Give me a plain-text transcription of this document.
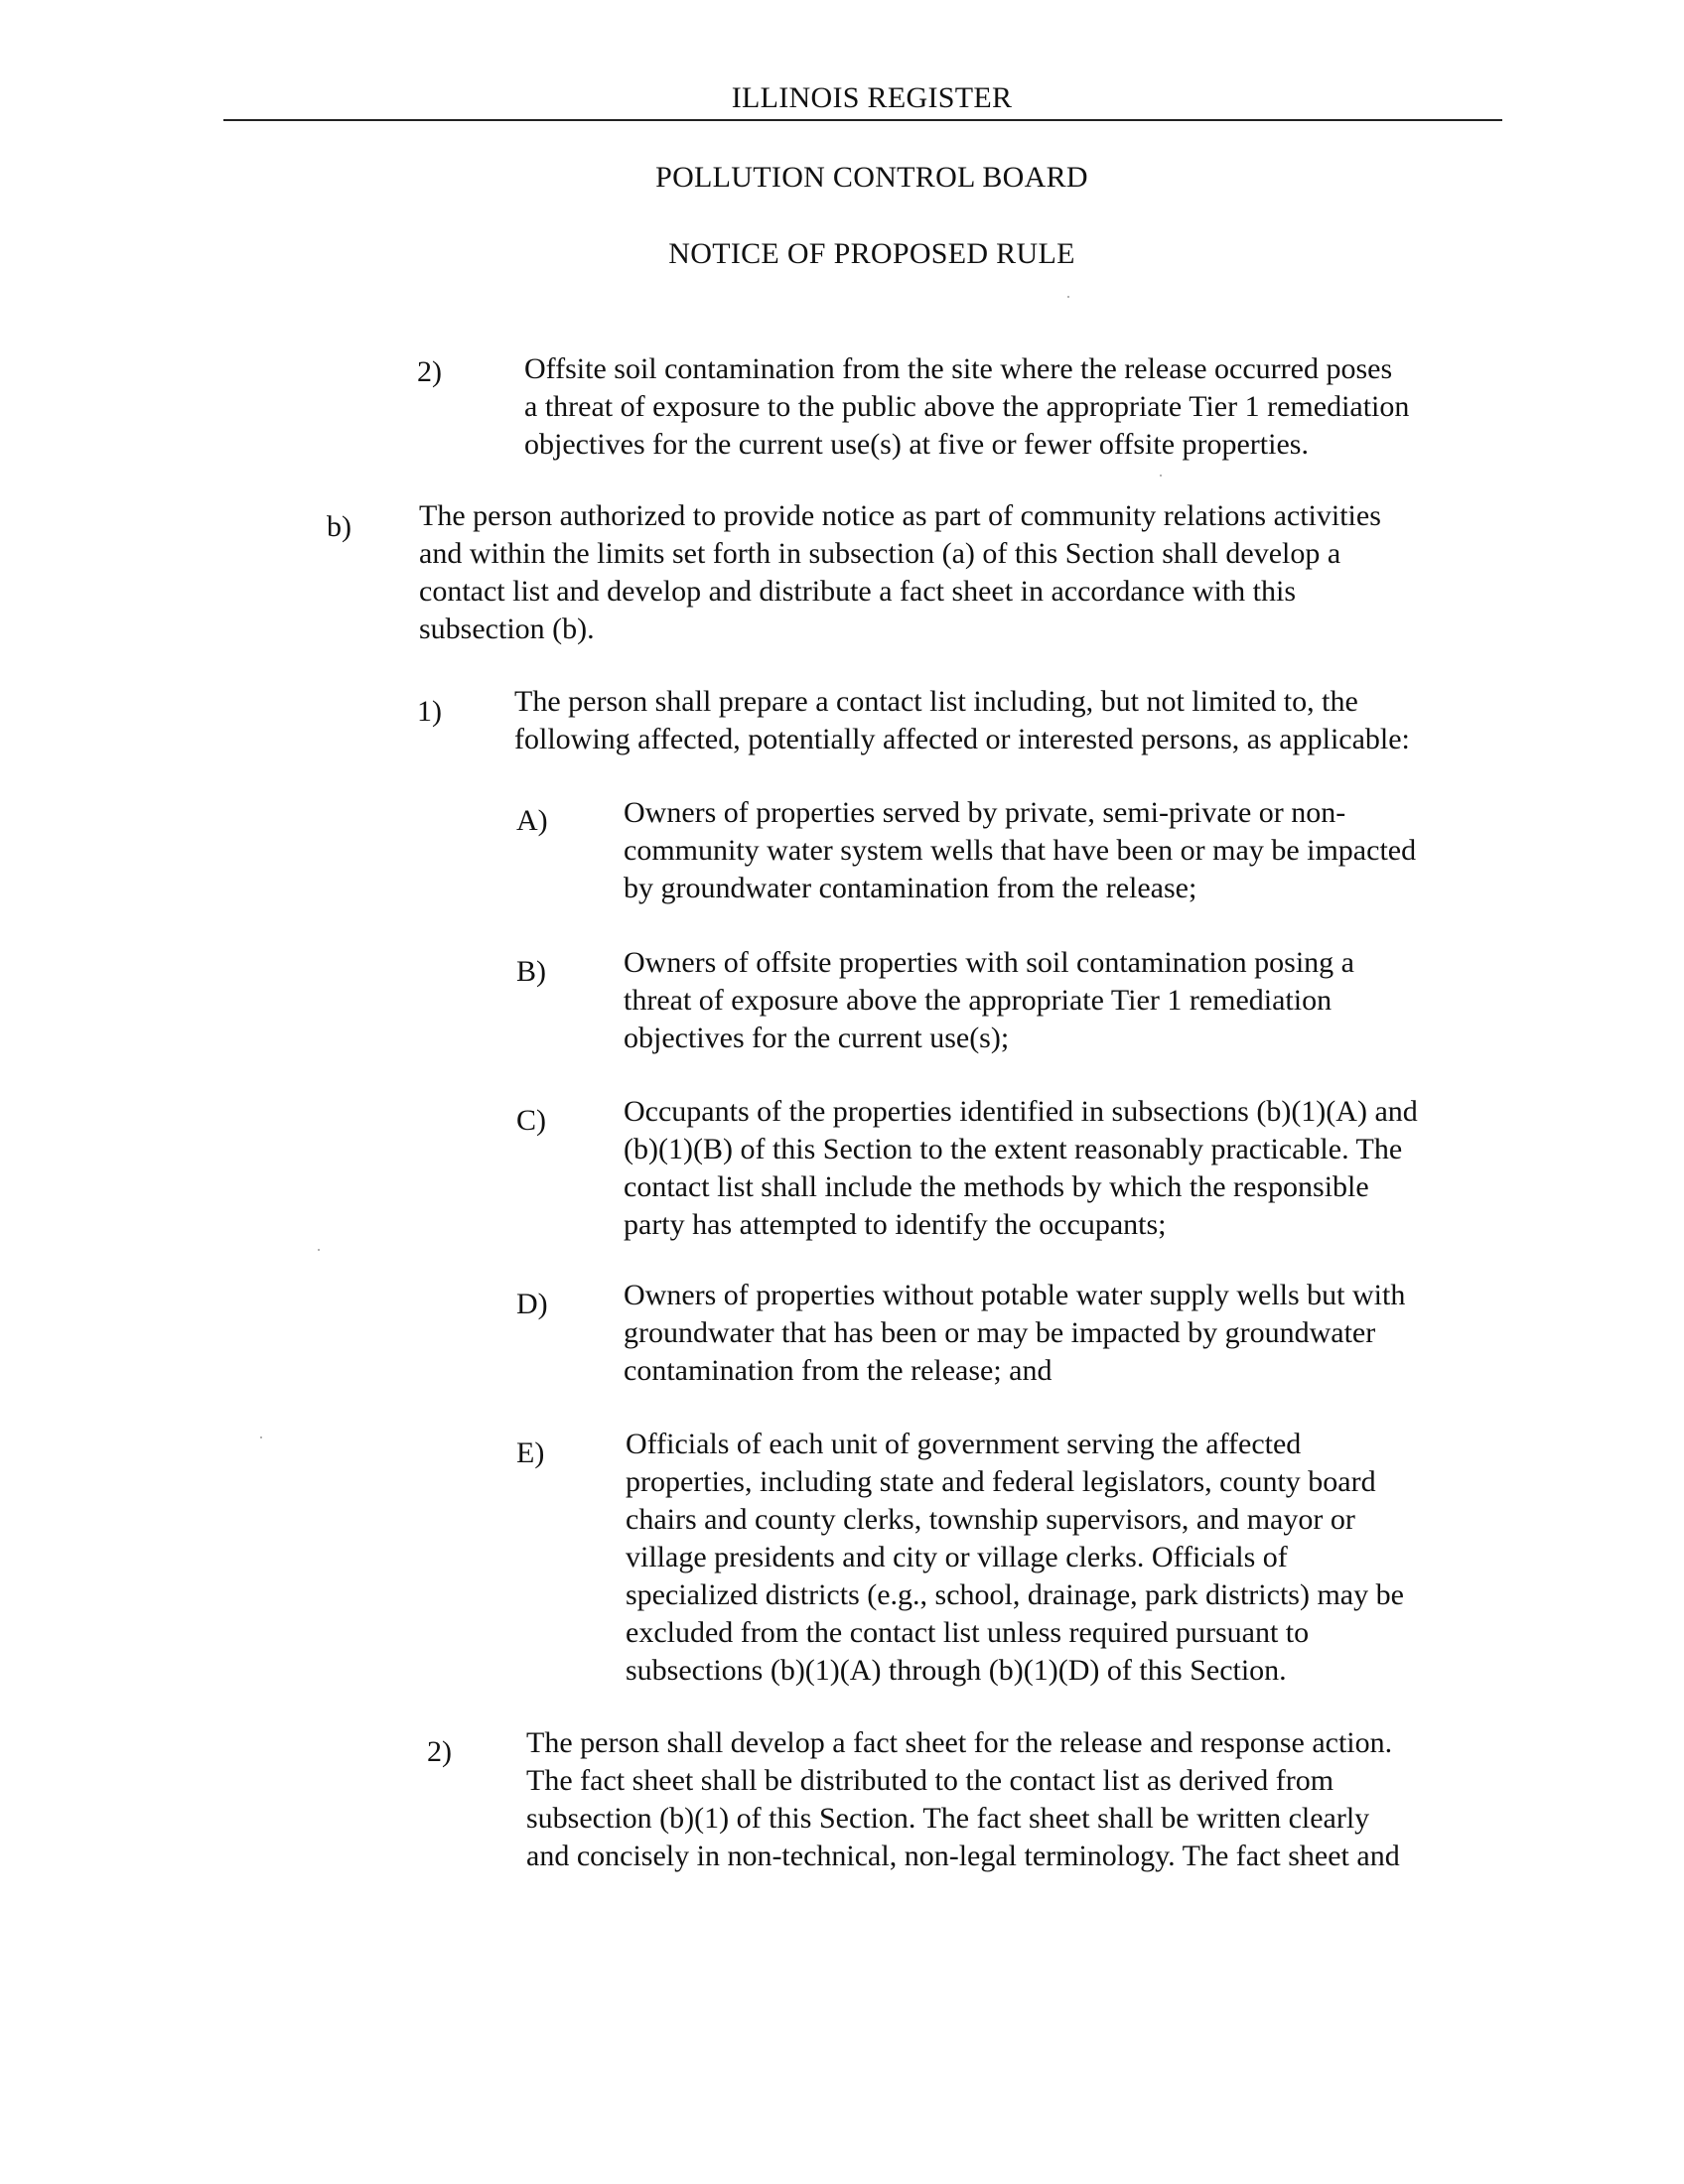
ILLINOIS REGISTER
POLLUTION CONTROL BOARD
NOTICE OF PROPOSED RULE
2)	Offsite soil contamination from the site where the release occurred poses
a threat of exposure to the public above the appropriate Tier 1 remediation
objectives for the current use(s) at five or fewer offsite properties.
b) The person authorized to provide notice as part of community relations activities
and within the limits set forth in subsection (a) of this Section shall develop a
contact list and develop and distribute a fact sheet in accordance with this
subsection (b).
1) The person shall prepare a contact list including, but not limited to, the
following affected, potentially affected or interested persons, as applicable:
A)	Owners of properties served by private, semi-private or non-
community water system wells that have been or may be impacted
by groundwater contamination from the release;
B)	Owners of offsite properties with soil contamination posing a
threat of exposure above the appropriate Tier 1 remediation
objectives for the current use(s);
C)	Occupants of the properties identified in subsections (b)(1)(A) and
(b)(1)(B) of this Section to the extent reasonably practicable. The
contact list shall include the methods by which the responsible
party has attempted to identify the occupants;
D)	Owners of properties without potable water supply wells but with
groundwater that has been or may be impacted by groundwater
contamination from the release; and
E)	Officials of each unit of government serving the affected
properties, including state and federal legislators, county board
chairs and county clerks, township supervisors, and mayor or
village presidents and city or village clerks. Officials of
specialized districts (e.g., school, drainage, park districts) may be
excluded from the contact list unless required pursuant to
subsections (b)(1)(A) through (b)(1)(D) of this Section.
2)	The person shall develop a fact sheet for the release and response action.
The fact sheet shall be distributed to the contact list as derived from
subsection (b)(1) of this Section. The fact sheet shall be written clearly
and concisely in non-technical, non-legal terminology. The fact sheet and
